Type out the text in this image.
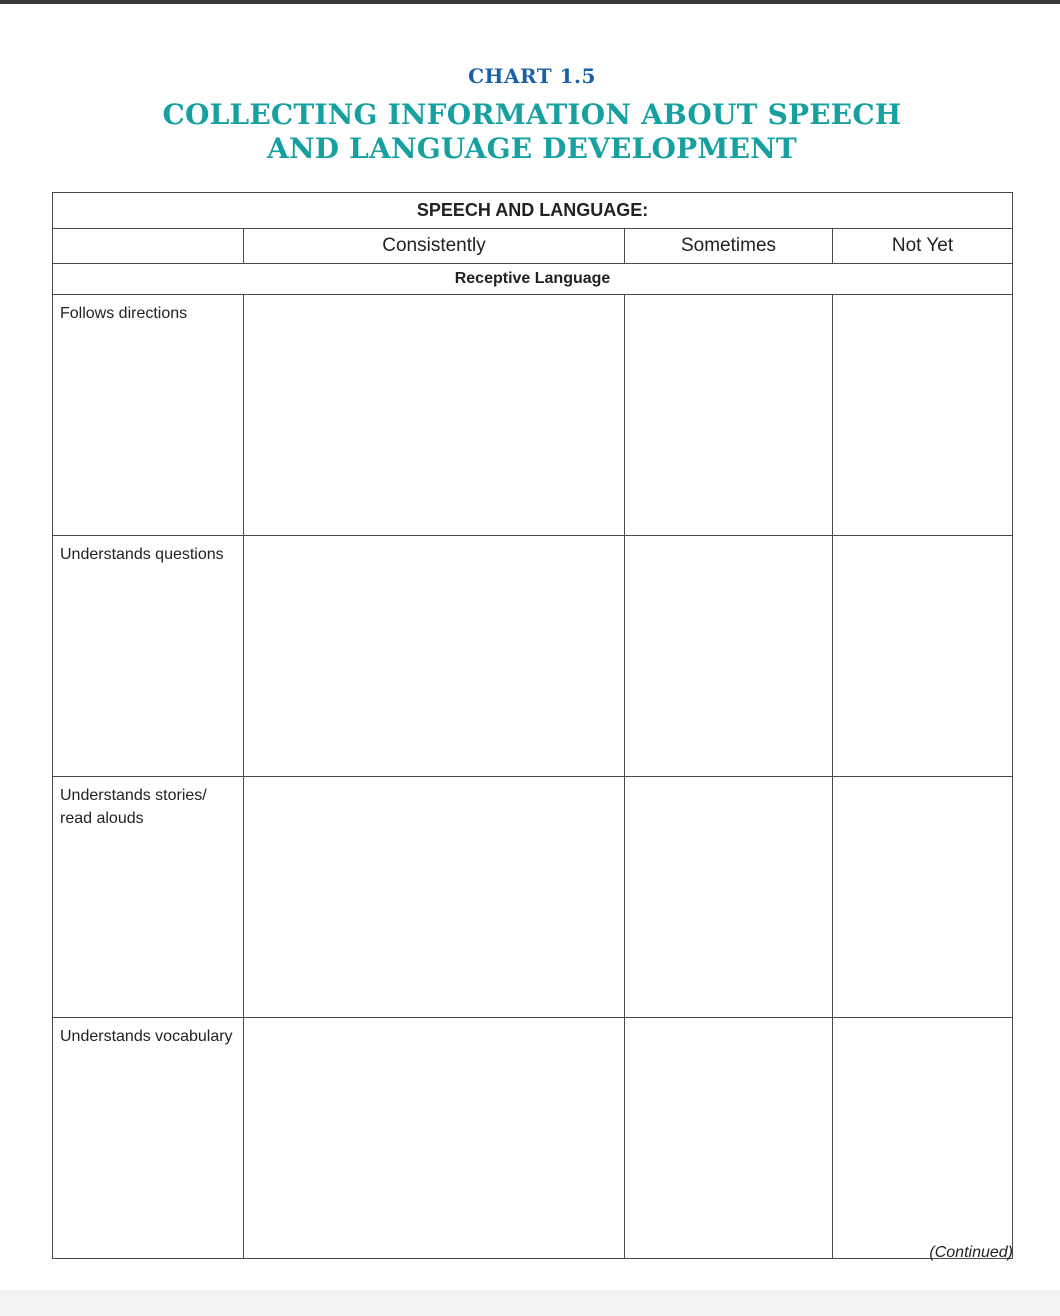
CHART 1.5
COLLECTING INFORMATION ABOUT SPEECH AND LANGUAGE DEVELOPMENT
SPEECH AND LANGUAGE:			
	Consistently	Sometimes	Not Yet
Receptive Language			
Follows directions			
Understands questions			
Understands stories/ read alouds			
Understands vocabulary			
(Continued)
